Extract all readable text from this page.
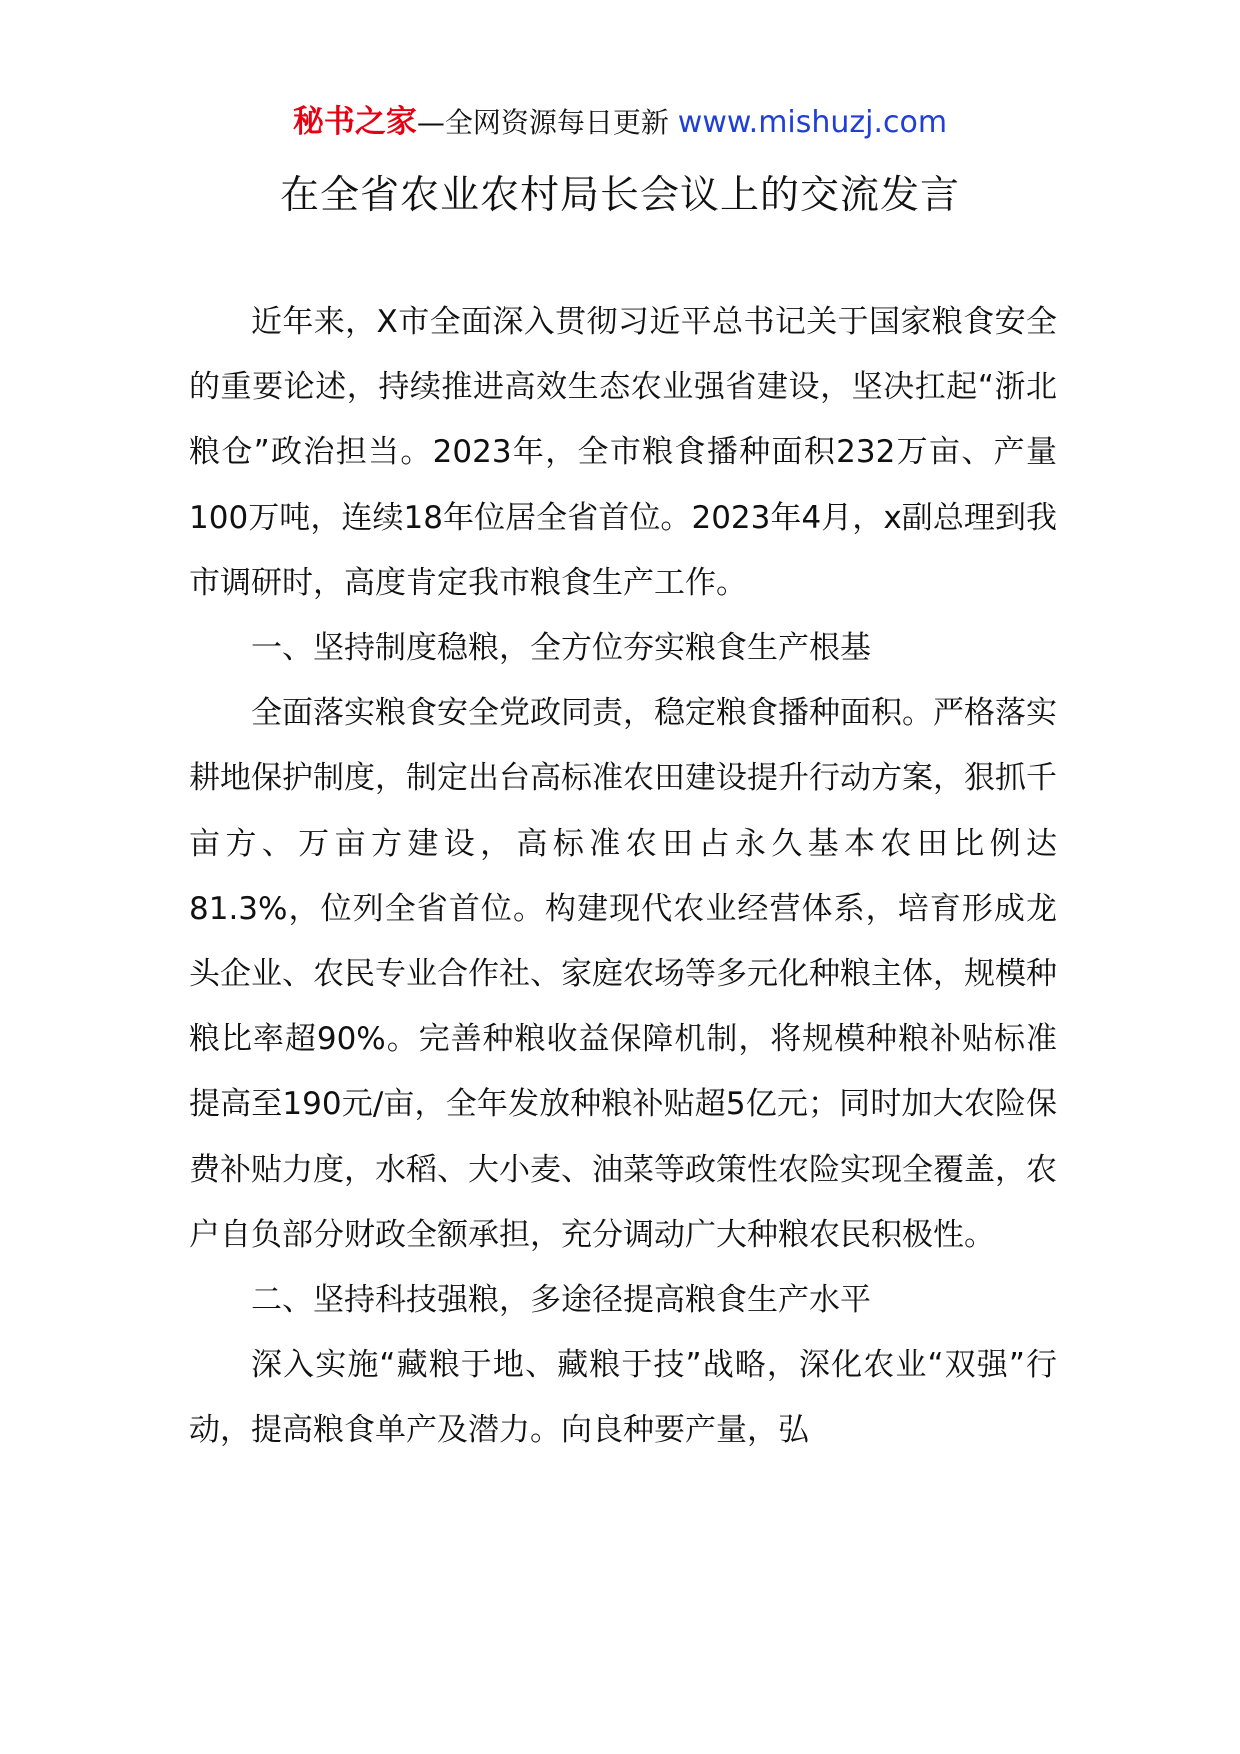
秘书之家—全网资源每日更新 www.mishuzj.com
在全省农业农村局长会议上的交流发言

近年来，X市全面深入贯彻习近平总书记关于国家粮食安全的重要论述，持续推进高效生态农业强省建设，坚决扛起“浙北粮仓”政治担当。2023年，全市粮食播种面积232万亩、产量100万吨，连续18年位居全省首位。2023年4月，x副总理到我市调研时，高度肯定我市粮食生产工作。

一、坚持制度稳粮，全方位夯实粮食生产根基

全面落实粮食安全党政同责，稳定粮食播种面积。严格落实耕地保护制度，制定出台高标准农田建设提升行动方案，狠抓千亩方、万亩方建设，高标准农田占永久基本农田比例达81.3%，位列全省首位。构建现代农业经营体系，培育形成龙头企业、农民专业合作社、家庭农场等多元化种粮主体，规模种粮比率超90%。完善种粮收益保障机制，将规模种粮补贴标准提高至190元/亩，全年发放种粮补贴超5亿元；同时加大农险保费补贴力度，水稻、大小麦、油菜等政策性农险实现全覆盖，农户自负部分财政全额承担，充分调动广大种粮农民积极性。

二、坚持科技强粮，多途径提高粮食生产水平

深入实施“藏粮于地、藏粮于技”战略，深化农业“双强”行动，提高粮食单产及潜力。向良种要产量，弘
